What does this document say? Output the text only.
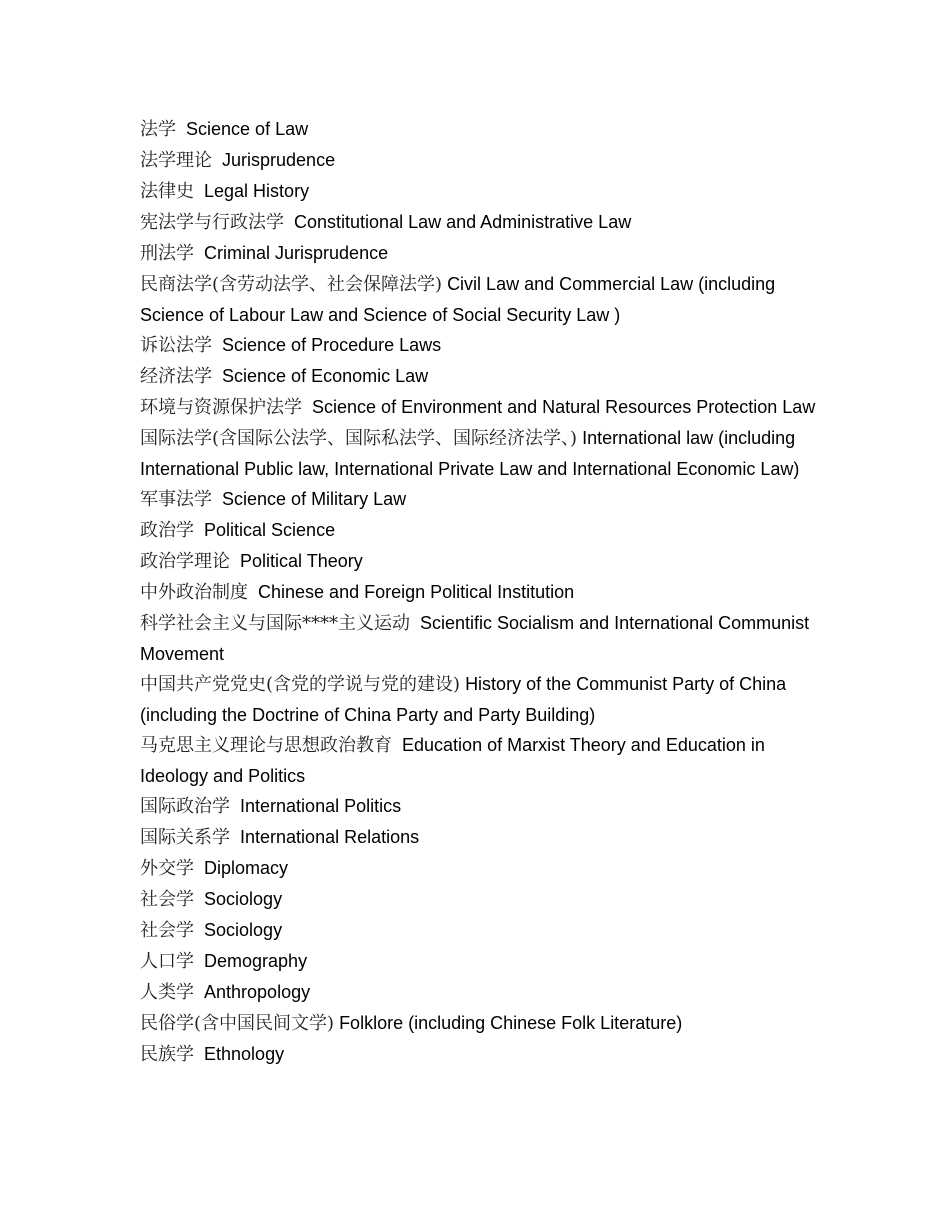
法学 Science of Law

法学理论 Jurisprudence

法律史 Legal History

宪法学与行政法学 Constitutional Law and Administrative Law

刑法学 Criminal Jurisprudence

民商法学(含劳动法学、社会保障法学) Civil Law and Commercial Law (including Science of Labour Law and Science of Social Security Law )

诉讼法学 Science of Procedure Laws

经济法学 Science of Economic Law

环境与资源保护法学 Science of Environment and Natural Resources Protection Law

国际法学(含国际公法学、国际私法学、国际经济法学、) International law (including International Public law, International Private Law and International Economic Law)

军事法学 Science of Military Law

政治学 Political Science

政治学理论 Political Theory

中外政治制度 Chinese and Foreign Political Institution

科学社会主义与国际****主义运动 Scientific Socialism and International Communist Movement

中国共产党党史(含党的学说与党的建设) History of the Communist Party of China (including the Doctrine of China Party and Party Building)

马克思主义理论与思想政治教育 Education of Marxist Theory and Education in Ideology and Politics

国际政治学 International Politics

国际关系学 International Relations

外交学 Diplomacy

社会学 Sociology

社会学 Sociology

人口学 Demography

人类学 Anthropology

民俗学(含中国民间文学) Folklore (including Chinese Folk Literature)

民族学 Ethnology
